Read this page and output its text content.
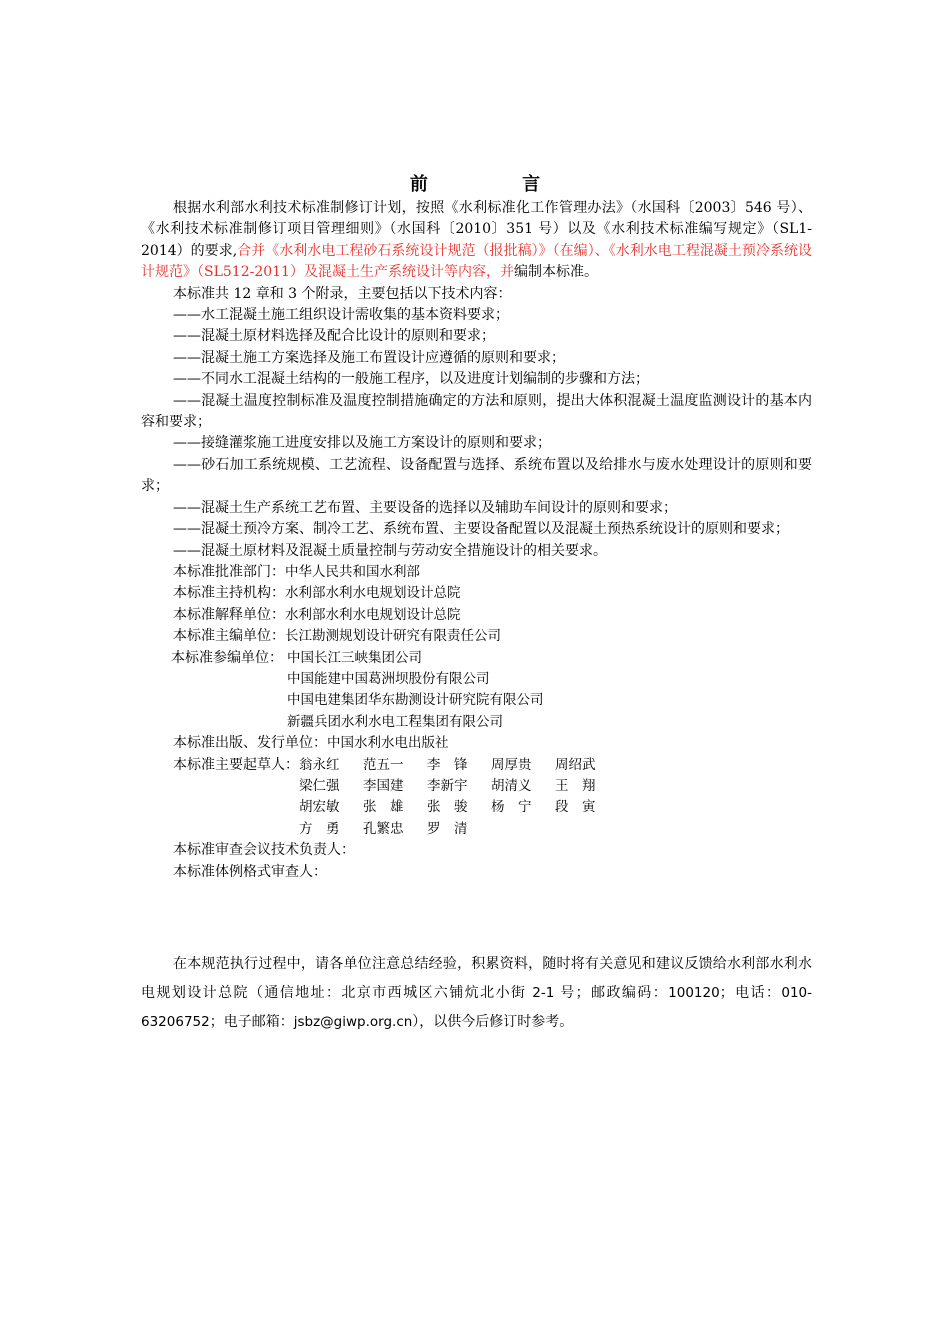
前 言

根据水利部水利技术标准制修订计划，按照《水利标准化工作管理办法》（水国科〔2003〕546 号）、《水利技术标准制修订项目管理细则》（水国科〔2010〕351 号）以及《水利技术标准编写规定》（SL1-2014）的要求,合并《水利水电工程砂石系统设计规范（报批稿）》（在编）、《水利水电工程混凝土预冷系统设计规范》（SL512-2011）及混凝土生产系统设计等内容，并编制本标准。

本标准共 12 章和 3 个附录，主要包括以下技术内容：

——水工混凝土施工组织设计需收集的基本资料要求；

——混凝土原材料选择及配合比设计的原则和要求；

——混凝土施工方案选择及施工布置设计应遵循的原则和要求；

——不同水工混凝土结构的一般施工程序，以及进度计划编制的步骤和方法；

——混凝土温度控制标准及温度控制措施确定的方法和原则，提出大体积混凝土温度监测设计的基本内容和要求；

——接缝灌浆施工进度安排以及施工方案设计的原则和要求；

——砂石加工系统规模、工艺流程、设备配置与选择、系统布置以及给排水与废水处理设计的原则和要求；

——混凝土生产系统工艺布置、主要设备的选择以及辅助车间设计的原则和要求；

——混凝土预冷方案、制冷工艺、系统布置、主要设备配置以及混凝土预热系统设计的原则和要求；

——混凝土原材料及混凝土质量控制与劳动安全措施设计的相关要求。

本标准批准部门： 中华人民共和国水利部
本标准主持机构： 水利部水利水电规划设计总院
本标准解释单位： 水利部水利水电规划设计总院
本标准主编单位： 长江勘测规划设计研究有限责任公司
本标准参编单位： 中国长江三峡集团公司
中国能建中国葛洲坝股份有限公司
中国电建集团华东勘测设计研究院有限公司
新疆兵团水利水电工程集团有限公司
本标准出版、发行单位： 中国水利水电出版社
本标准主要起草人： 翁永红	范五一	李　锋	周厚贵	周绍武
梁仁强	李国建	李新宇	胡清义	王　翔
胡宏敏	张　雄	张　骏	杨　宁	段　寅
方　勇	孔繁忠	罗　清

本标准审查会议技术负责人：

本标准体例格式审查人：

在本规范执行过程中，请各单位注意总结经验，积累资料，随时将有关意见和建议反馈给水利部水利水电规划设计总院（通信地址：北京市西城区六铺炕北小街 2-1 号；邮政编码：100120；电话：010-63206752；电子邮箱：jsbz@giwp.org.cn），以供今后修订时参考。
